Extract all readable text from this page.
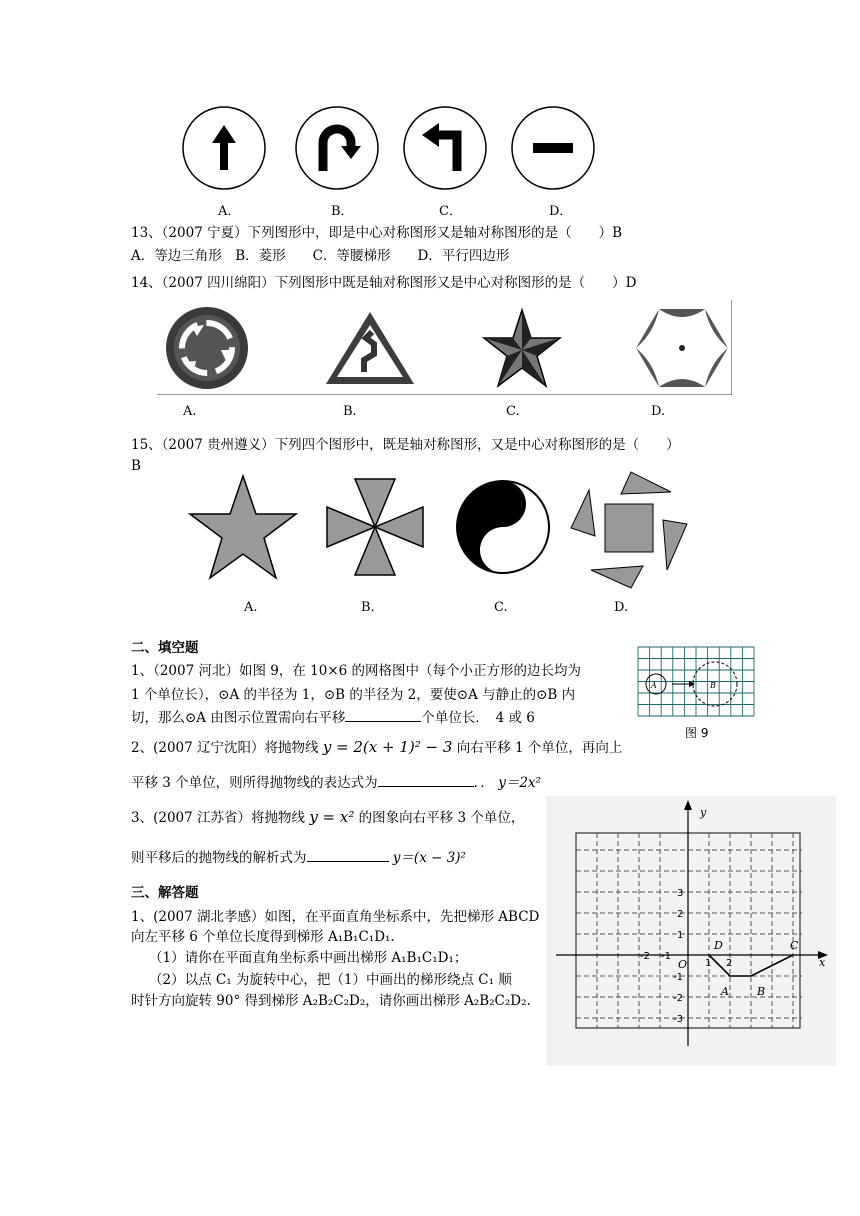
A．	B．	C．	D．
13、（2007 宁夏）下列图形中，即是中心对称图形又是轴对称图形的是（　　）B
A．等边三角形　B．菱形　　C．等腰梯形　　D．平行四边形
14、（2007 四川绵阳）下列图形中既是轴对称图形又是中心对称图形的是（　　）D
A.	B.	C.	D.
15、（2007 贵州遵义）下列四个图形中，既是轴对称图形，又是中心对称图形的是（　　）
B
A.	B.	C.	D.
二、填空题
1、（2007 河北）如图 9，在 10×6 的网格图中（每个小正方形的边长均为
1 个单位长），⊙A 的半径为 1，⊙B 的半径为 2，要使⊙A 与静止的⊙B 内
切，那么⊙A 由图示位置需向右平移	个单位长．　4 或 6
A	B
图 9
2、(2007 辽宁沈阳）将抛物线 y = 2(x + 1)² − 3 向右平移 1 个单位，再向上
平移 3 个单位，则所得抛物线的表达式为	．． y＝2x²
3、(2007 江苏省）将抛物线 y = x² 的图象向右平移 3 个单位，
则平移后的抛物线的解析式为	y＝(x − 3)²
三、解答题
1、(2007 湖北孝感）如图，在平面直角坐标系中，先把梯形 ABCD
向左平移 6 个单位长度得到梯形 A₁B₁C₁D₁.
（1）请你在平面直角坐标系中画出梯形 A₁B₁C₁D₁；
（2）以点 C₁ 为旋转中心，把（1）中画出的梯形绕点 C₁ 顺
时针方向旋转 90° 得到梯形 A₂B₂C₂D₂，请你画出梯形 A₂B₂C₂D₂.
y
x
O
D	C
A	B
3
2
1
-1
-2
-3
-2 -1
1 2
